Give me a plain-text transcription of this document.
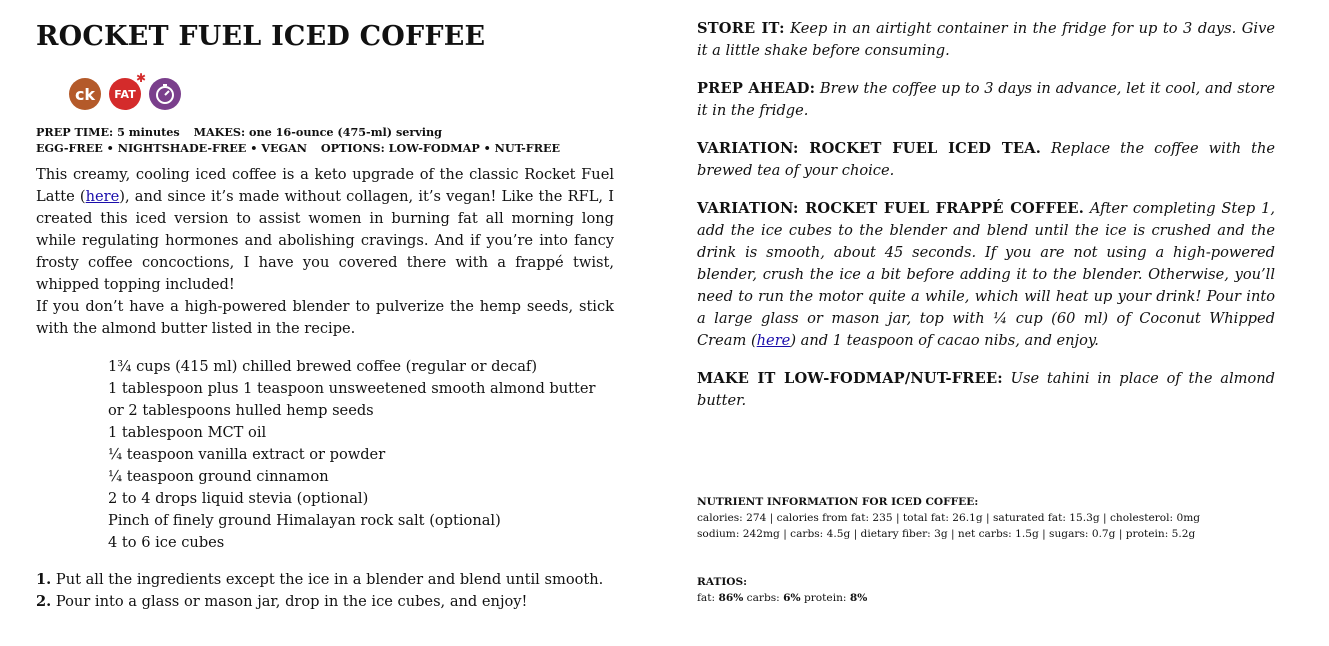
ROCKET FUEL ICED COFFEE
ck FAT
✱
PREP TIME: 5 minutes MAKES: one 16-ounce (475-ml) serving
EGG-FREE • NIGHTSHADE-FREE • VEGAN OPTIONS: LOW-FODMAP • NUT-FREE

This creamy, cooling iced coffee is a keto upgrade of the classic Rocket Fuel Latte (here), and since it’s made without collagen, it’s vegan! Like the RFL, I created this iced version to assist women in burning fat all morning long while regulating hormones and abolishing cravings. And if you’re into fancy frosty coffee concoctions, I have you covered there with a frappé twist, whipped topping included!

If you don’t have a high-powered blender to pulverize the hemp seeds, stick with the almond butter listed in the recipe.

1¾ cups (415 ml) chilled brewed coffee (regular or decaf)
1 tablespoon plus 1 teaspoon unsweetened smooth almond butter
or 2 tablespoons hulled hemp seeds
1 tablespoon MCT oil
¼ teaspoon vanilla extract or powder
¼ teaspoon ground cinnamon
2 to 4 drops liquid stevia (optional)
Pinch of finely ground Himalayan rock salt (optional)
4 to 6 ice cubes
1. Put all the ingredients except the ice in a blender and blend until smooth.
2. Pour into a glass or mason jar, drop in the ice cubes, and enjoy!

STORE IT: Keep in an airtight container in the fridge for up to 3 days. Give it a little shake before consuming.

PREP AHEAD: Brew the coffee up to 3 days in advance, let it cool, and store it in the fridge.

VARIATION: ROCKET FUEL ICED TEA. Replace the coffee with the brewed tea of your choice.

VARIATION: ROCKET FUEL FRAPPÉ COFFEE. After completing Step 1, add the ice cubes to the blender and blend until the ice is crushed and the drink is smooth, about 45 seconds. If you are not using a high-powered blender, crush the ice a bit before adding it to the blender. Otherwise, you’ll need to run the motor quite a while, which will heat up your drink! Pour into a large glass or mason jar, top with ¼ cup (60 ml) of Coconut Whipped Cream (here) and 1 teaspoon of cacao nibs, and enjoy.

MAKE IT LOW-FODMAP/NUT-FREE: Use tahini in place of the almond butter.

NUTRIENT INFORMATION FOR ICED COFFEE:
calories: 274 | calories from fat: 235 | total fat: 26.1g | saturated fat: 15.3g | cholesterol: 0mg
sodium: 242mg | carbs: 4.5g | dietary fiber: 3g | net carbs: 1.5g | sugars: 0.7g | protein: 5.2g
RATIOS:
fat: 86% carbs: 6% protein: 8%
